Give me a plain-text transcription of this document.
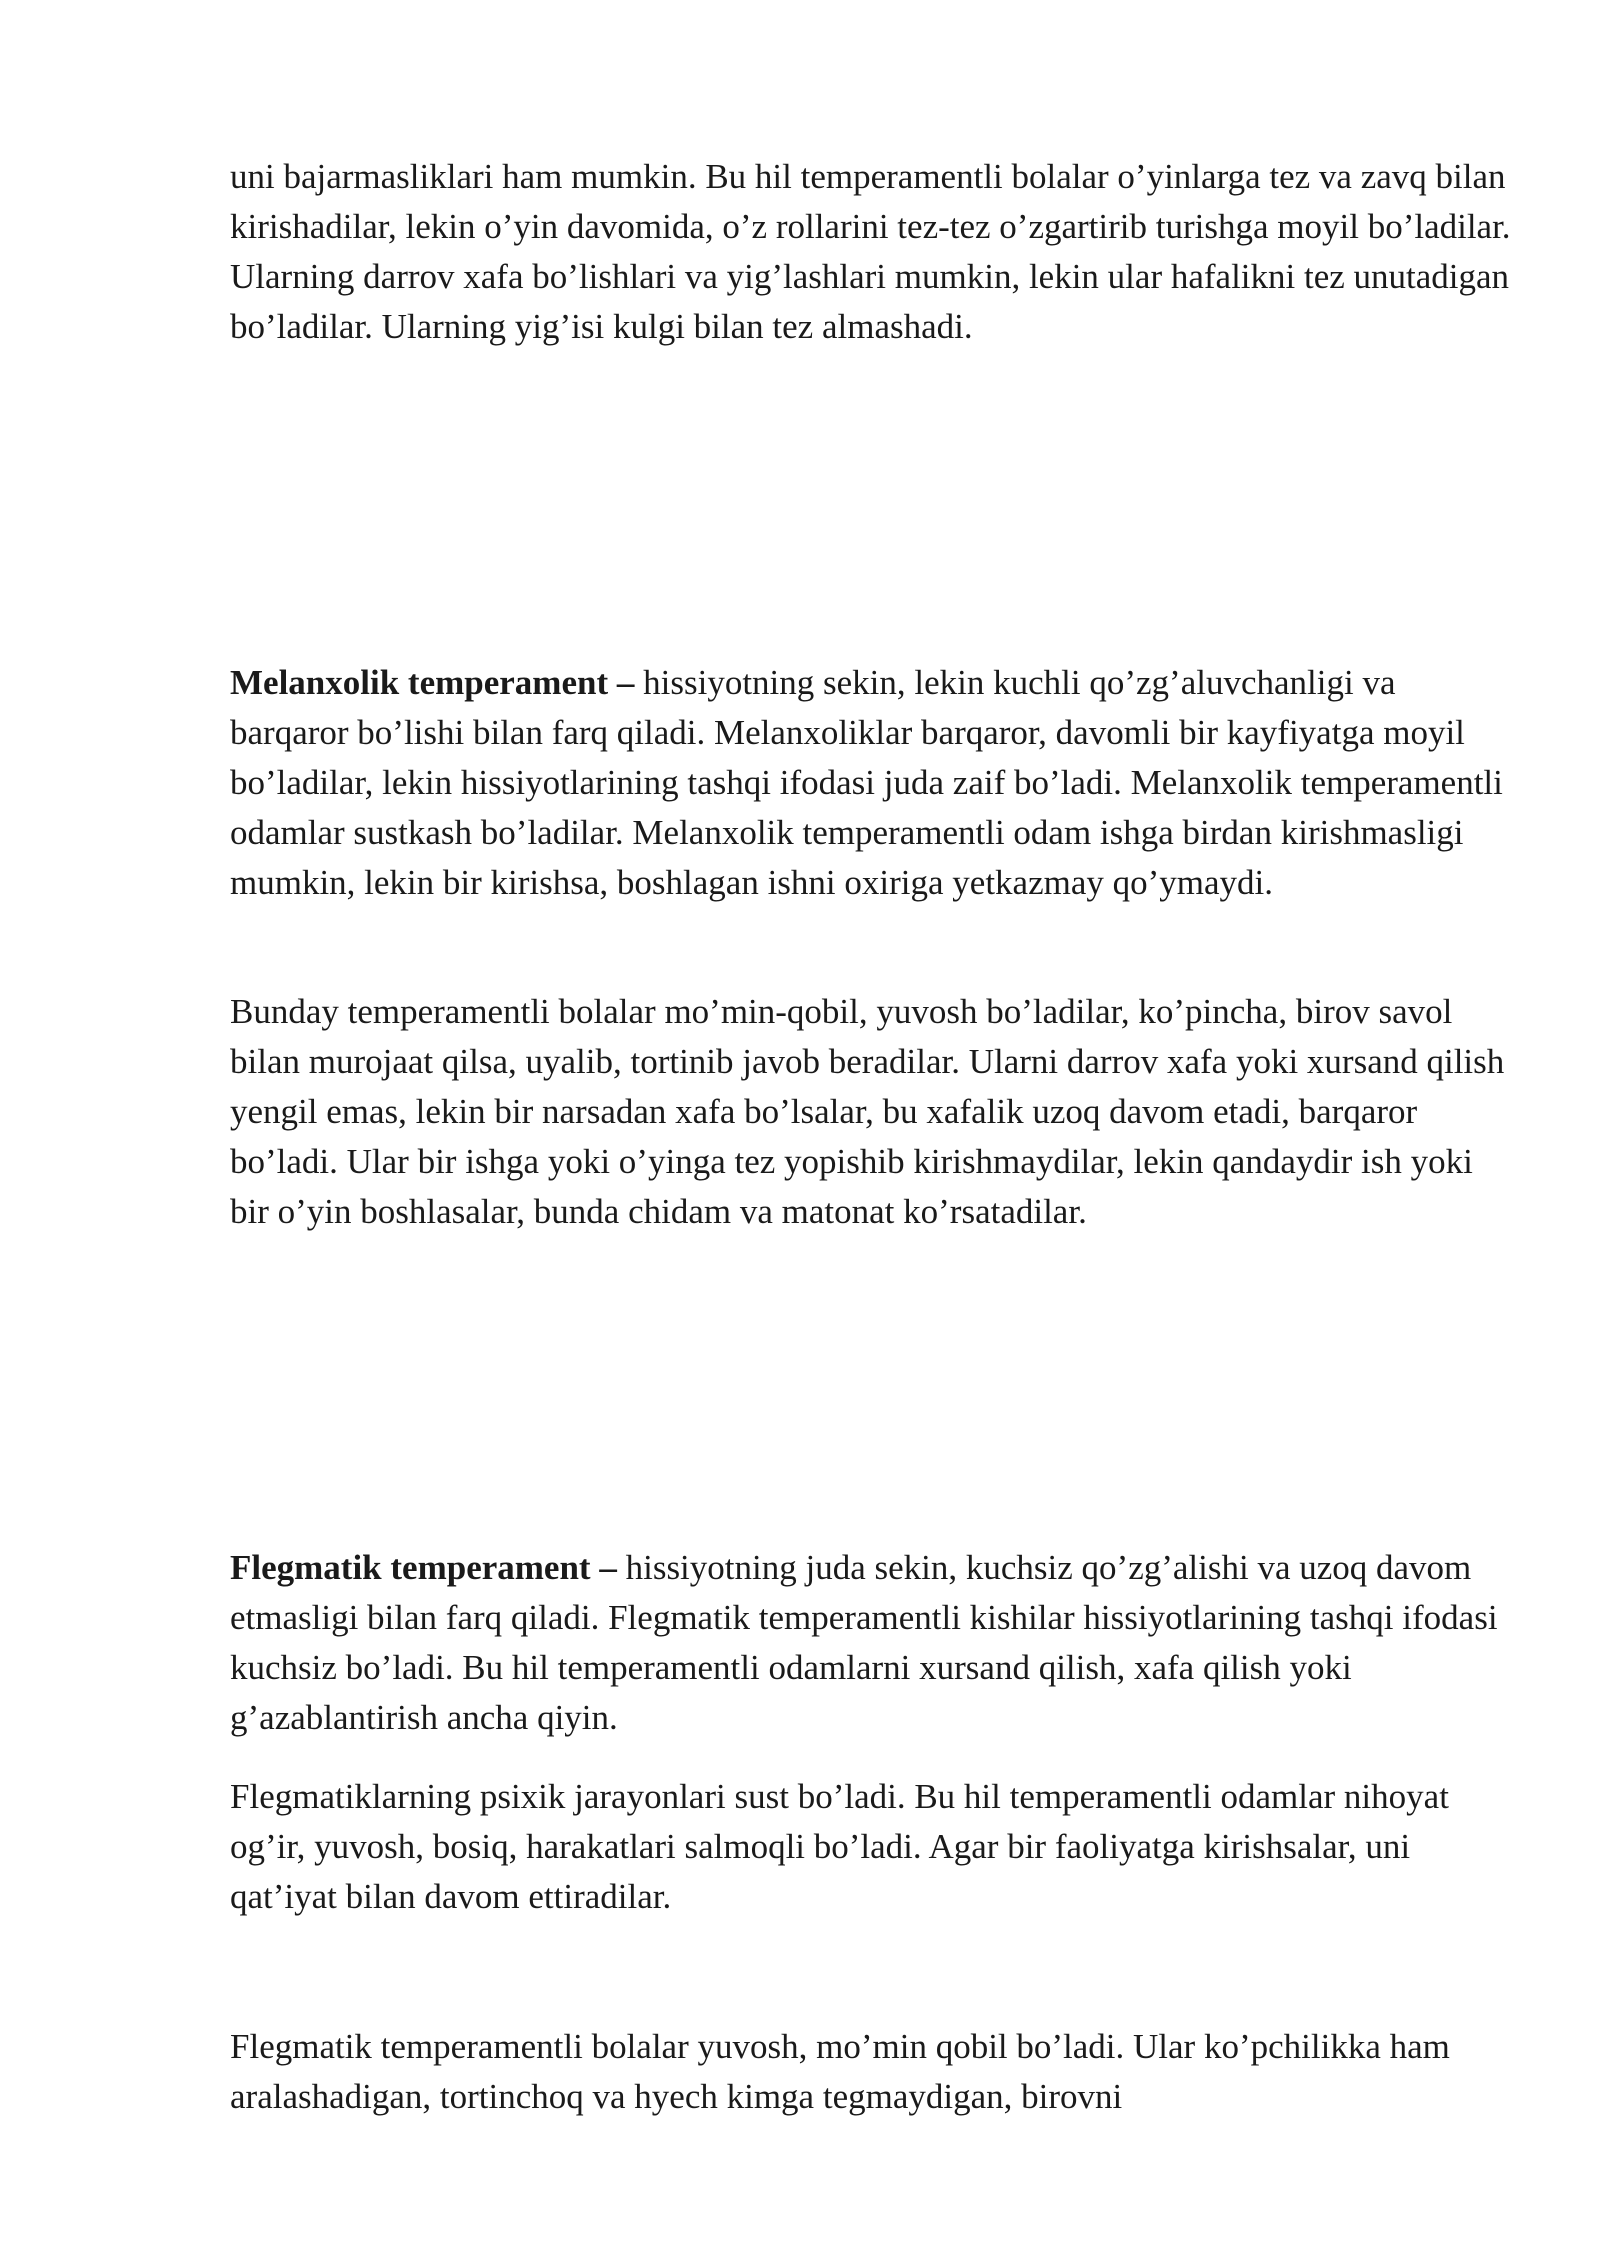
uni bajarmasliklari ham mumkin. Bu hil temperamentli bolalar o’yinlarga tez va zavq bilan kirishadilar, lekin o’yin davomida, o’z rollarini tez-tez o’zgartirib turishga moyil bo’ladilar. Ularning darrov xafa bo’lishlari va yig’lashlari mumkin, lekin ular hafalikni tez unutadigan bo’ladilar. Ularning yig’isi kulgi bilan tez almashadi.

Melanxolik temperament – hissiyotning sekin, lekin kuchli qo’zg’aluvchanligi va barqaror bo’lishi bilan farq qiladi. Melanxoliklar barqaror, davomli bir kayfiyatga moyil bo’ladilar, lekin hissiyotlarining tashqi ifodasi juda zaif bo’ladi. Melanxolik temperamentli odamlar sustkash bo’ladilar. Melanxolik temperamentli odam ishga birdan kirishmasligi mumkin, lekin bir kirishsa, boshlagan ishni oxiriga yetkazmay qo’ymaydi.

Bunday temperamentli bolalar mo’min-qobil, yuvosh bo’ladilar, ko’pincha, birov savol bilan murojaat qilsa, uyalib, tortinib javob beradilar. Ularni darrov xafa yoki xursand qilish yengil emas, lekin bir narsadan xafa bo’lsalar, bu xafalik uzoq davom etadi, barqaror bo’ladi. Ular bir ishga yoki o’yinga tez yopishib kirishmaydilar, lekin qandaydir ish yoki bir o’yin boshlasalar, bunda chidam va matonat ko’rsatadilar.

Flegmatik temperament – hissiyotning juda sekin, kuchsiz qo’zg’alishi va uzoq davom etmasligi bilan farq qiladi. Flegmatik temperamentli kishilar hissiyotlarining tashqi ifodasi kuchsiz bo’ladi. Bu hil temperamentli odamlarni xursand qilish, xafa qilish yoki g’azablantirish ancha qiyin.

Flegmatiklarning psixik jarayonlari sust bo’ladi. Bu hil temperamentli odamlar nihoyat og’ir, yuvosh, bosiq, harakatlari salmoqli bo’ladi. Agar bir faoliyatga kirishsalar, uni qat’iyat bilan davom ettiradilar.

Flegmatik temperamentli bolalar yuvosh, mo’min qobil bo’ladi. Ular ko’pchilikka ham aralashadigan, tortinchoq va hyech kimga tegmaydigan, birovni
